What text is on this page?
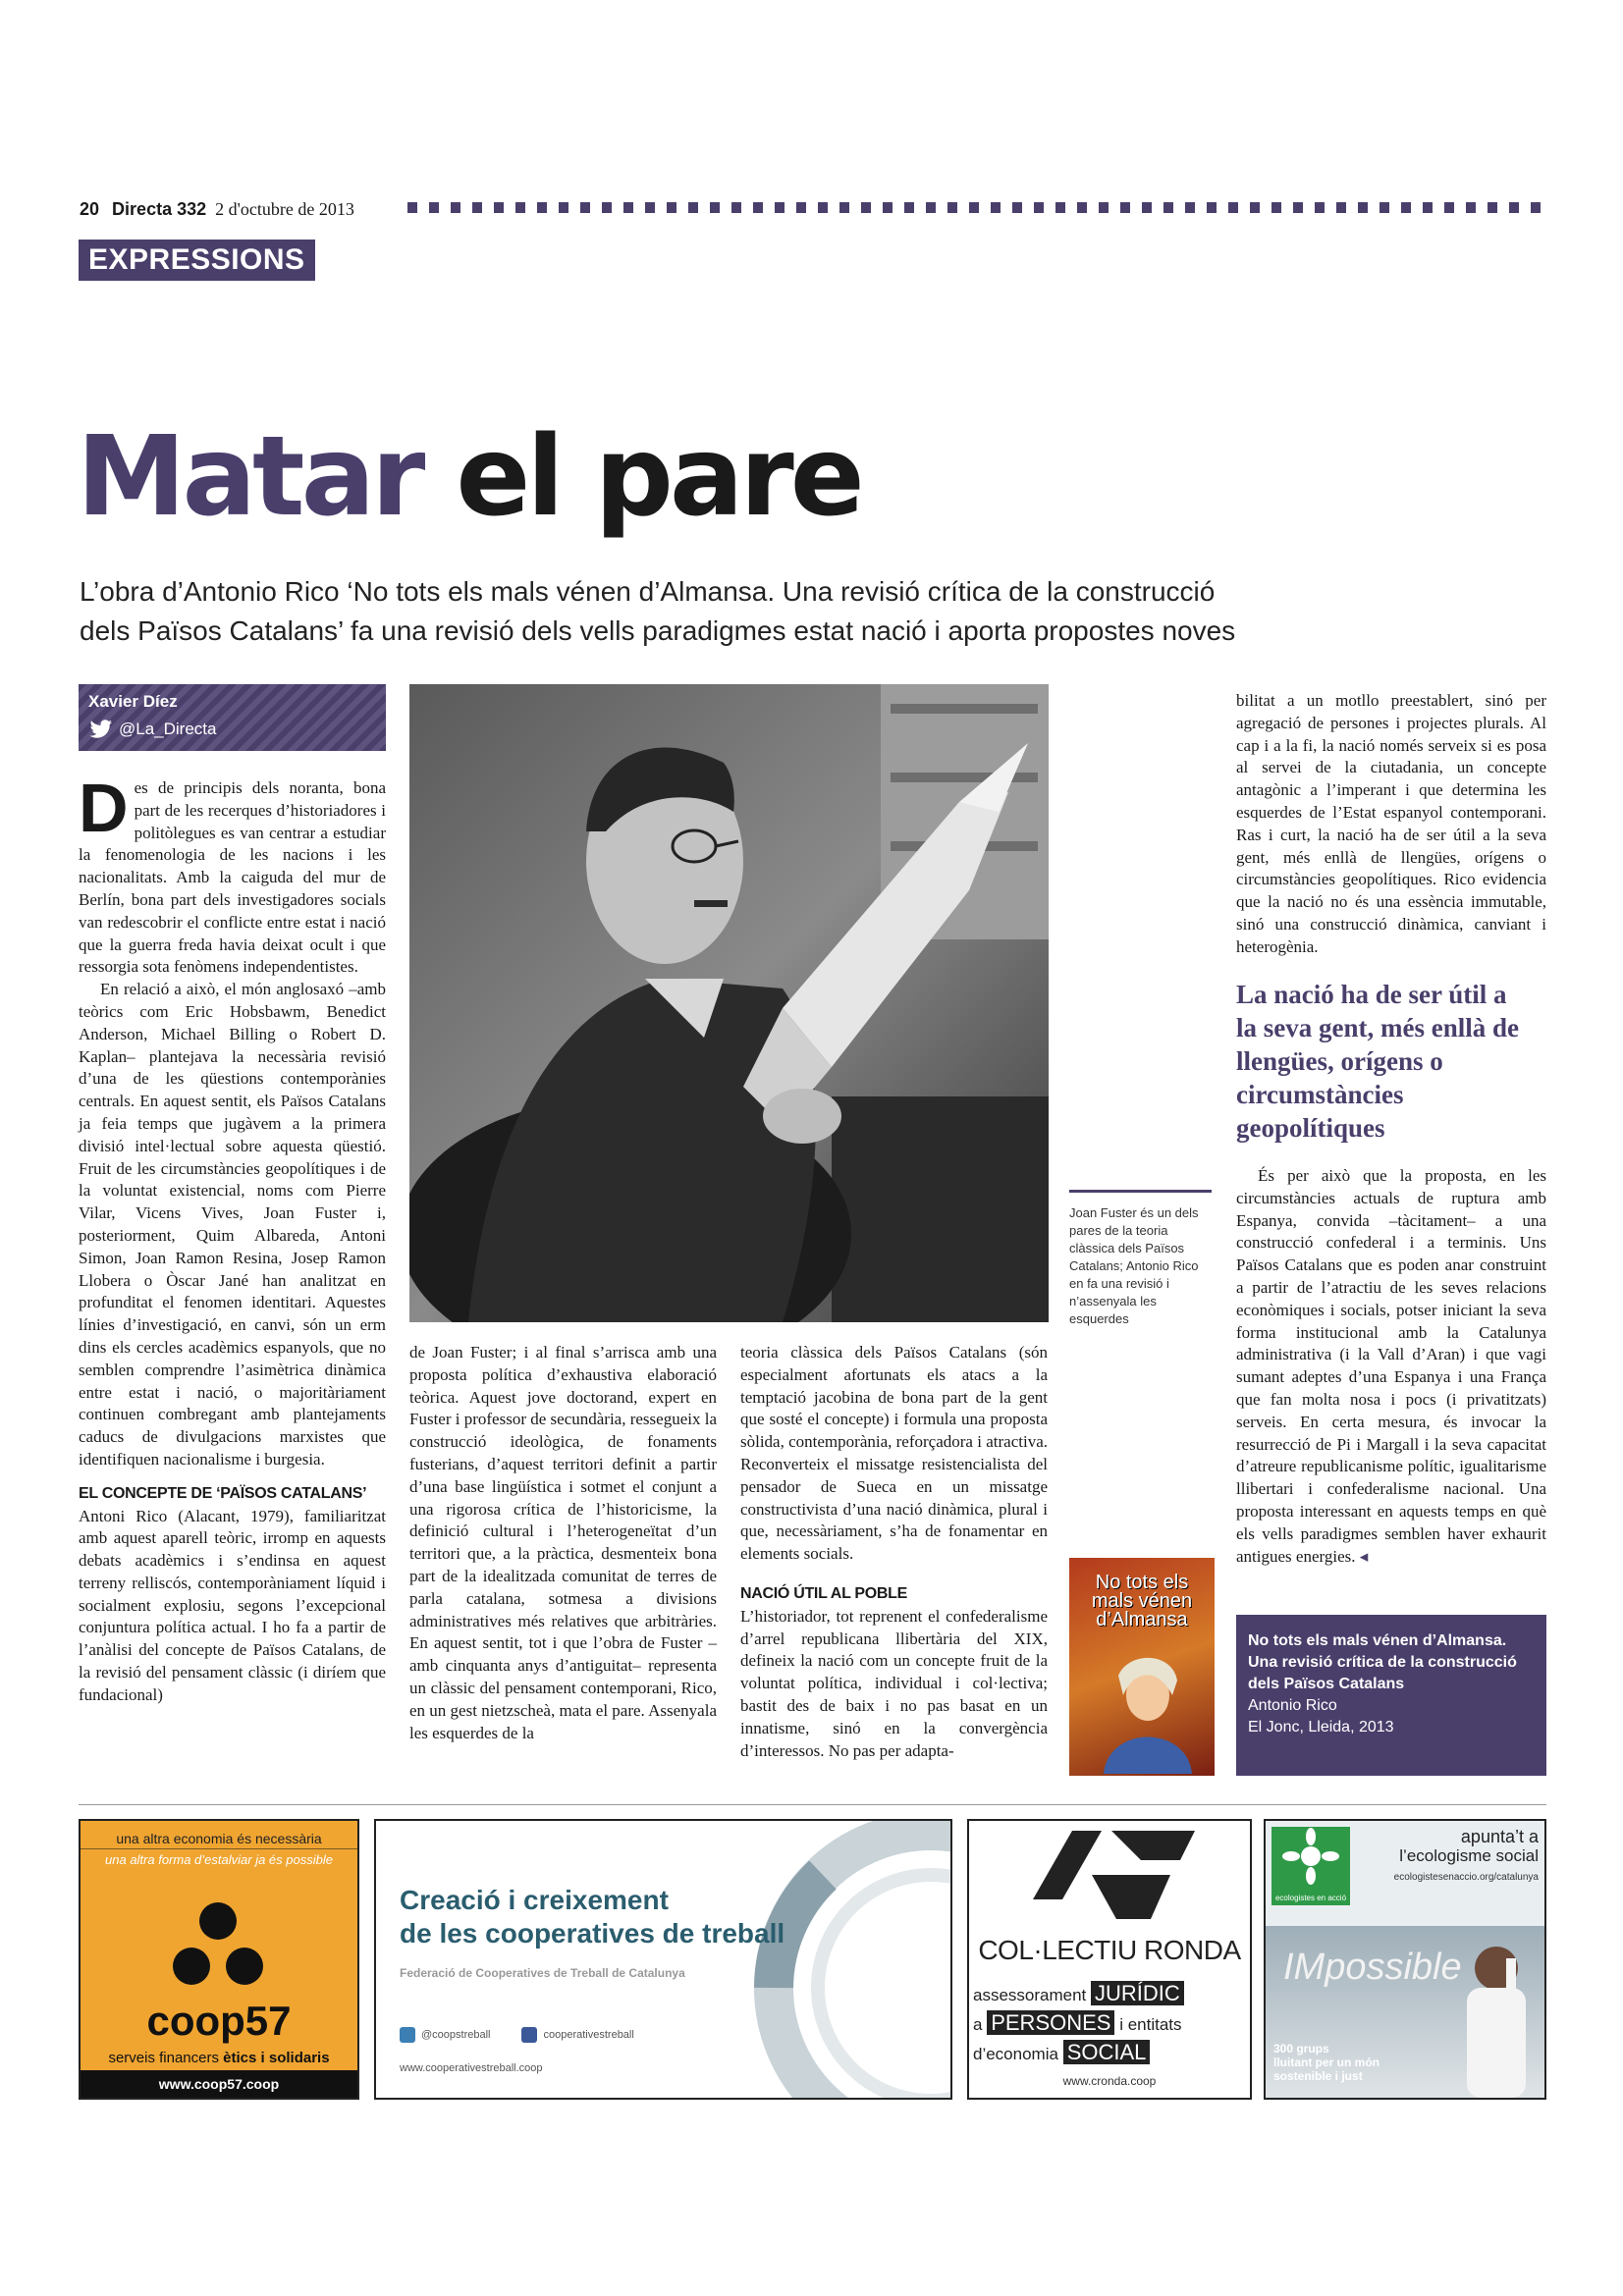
20 Directa 332 2 d'octubre de 2013
EXPRESSIONS
Matar el pare
L’obra d’Antonio Rico ‘No tots els mals vénen d’Almansa. Una revisió crítica de la construcció dels Països Catalans’ fa una revisió dels vells paradigmes estat nació i aporta propostes noves
Xavier Díez
@La_Directa

Des de principis dels noranta, bona part de les recerques d’historiadores i politòlegues es van centrar a estudiar la fenomenologia de les nacions i les nacionalitats. Amb la caiguda del mur de Berlín, bona part dels investigadores socials van redescobrir el conflicte entre estat i nació que la guerra freda havia deixat ocult i que ressorgia sota fenòmens independentistes.

En relació a això, el món anglosaxó –amb teòrics com Eric Hobsbawm, Benedict Anderson, Michael Billing o Robert D. Kaplan– plantejava la necessària revisió d’una de les qüestions contemporànies centrals. En aquest sentit, els Països Catalans ja feia temps que jugàvem a la primera divisió intel·lectual sobre aquesta qüestió. Fruit de les circumstàncies geopolítiques i de la voluntat existencial, noms com Pierre Vilar, Vicens Vives, Joan Fuster i, posteriorment, Quim Albareda, Antoni Simon, Joan Ramon Resina, Josep Ramon Llobera o Òscar Jané han analitzat en profunditat el fenomen identitari. Aquestes línies d’investigació, en canvi, són un erm dins els cercles acadèmics espanyols, que no semblen comprendre l’asimètrica dinàmica entre estat i nació, o majoritàriament continuen combregant amb plantejaments caducs de divulgacions marxistes que identifiquen nacionalisme i burgesia.

EL CONCEPTE DE ‘PAÏSOS CATALANS’

Antoni Rico (Alacant, 1979), familiaritzat amb aquest aparell teòric, irromp en aquests debats acadèmics i s’endinsa en aquest terreny relliscós, contemporàniament líquid i socialment explosiu, segons l’excepcional conjuntura política actual. I ho fa a partir de l’anàlisi del concepte de Països Catalans, de la revisió del pensament clàssic (i diríem que fundacional)

Joan Fuster és un dels pares de la teoria clàssica dels Països Catalans; Antonio Rico en fa una revisió i n’assenyala les esquerdes

de Joan Fuster; i al final s’arrisca amb una proposta política d’exhaustiva elaboració teòrica. Aquest jove doctorand, expert en Fuster i professor de secundària, ressegueix la construcció ideològica, de fonaments fusterians, d’aquest territori definit a partir d’una base lingüística i sotmet el conjunt a una rigorosa crítica de l’historicisme, la definició cultural i l’heterogeneïtat d’un territori que, a la pràctica, desmenteix bona part de la idealitzada comunitat de terres de parla catalana, sotmesa a divisions administratives més relatives que arbitràries. En aquest sentit, tot i que l’obra de Fuster –amb cinquanta anys d’antiguitat– representa un clàssic del pensament contemporani, Rico, en un gest nietzscheà, mata el pare. Assenyala les esquerdes de la

teoria clàssica dels Països Catalans (són especialment afortunats els atacs a la temptació jacobina de bona part de la gent que sosté el concepte) i formula una proposta sòlida, contemporània, reforçadora i atractiva. Reconverteix el missatge resistencialista del pensador de Sueca en un missatge constructivista d’una nació dinàmica, plural i que, necessàriament, s’ha de fonamentar en elements socials.

NACIÓ ÚTIL AL POBLE

L’historiador, tot reprenent el confederalisme d’arrel republicana llibertària del XIX, defineix la nació com un concepte fruit de la voluntat política, individual i col·lectiva; bastit des de baix i no pas basat en un innatisme, sinó en la convergència d’interessos. No pas per adapta-

bilitat a un motllo preestablert, sinó per agregació de persones i projectes plurals. Al cap i a la fi, la nació només serveix si es posa al servei de la ciutadania, un concepte antagònic a l’imperant i que determina les esquerdes de l’Estat espanyol contemporani. Ras i curt, la nació ha de ser útil a la seva gent, més enllà de llengües, orígens o circumstàncies geopolítiques. Rico evidencia que la nació no és una essència immutable, sinó una construcció dinàmica, canviant i heterogènia.

La nació ha de ser útil a la seva gent, més enllà de llengües, orígens o circumstàncies geopolítiques

És per això que la proposta, en les circumstàncies actuals de ruptura amb Espanya, convida –tàcitament– a una construcció confederal i a terminis. Uns Països Catalans que es poden anar construint a partir de l’atractiu de les seves relacions econòmiques i socials, potser iniciant la seva forma institucional amb la Catalunya administrativa (i la Vall d’Aran) i que vagi sumant adeptes d’una Espanya i una França que fan molta nosa i pocs (i privatitzats) serveis. En certa mesura, és invocar la resurrecció de Pi i Margall i la seva capacitat d’atreure republicanisme polític, igualitarisme llibertari i confederalisme nacional. Una proposta interessant en aquests temps en què els vells paradigmes semblen haver exhaurit antigues energies. ◂

No tots els mals vénen d’Almansa
No tots els mals vénen d’Almansa. Una revisió crítica de la construcció dels Països Catalans
Antonio Rico
El Jonc, Lleida, 2013
una altra economia és necessària
una altra forma d’estalviar ja és possible
coop57
serveis financers ètics i solidaris
www.coop57.coop
Creació i creixement
de les cooperatives de treball
Federació de Cooperatives de Treball de Catalunya
@coopstreball	cooperativestreball
www.cooperativestreball.coop
COL·LECTIU RONDA
assessorament JURÍDIC
a PERSONES i entitats
d’economia SOCIAL
www.cronda.coop
ecologistes en acció
apunta’t a
l’ecologisme social
ecologistesenaccio.org/catalunya
IMpossible
300 grups
lluitant per un món
sostenible i just
